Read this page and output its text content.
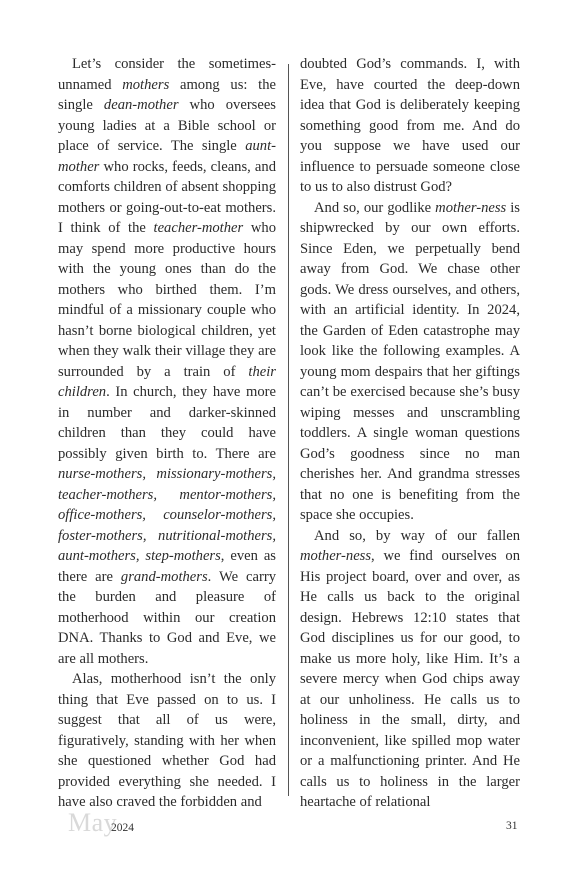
Let’s consider the sometimes-unnamed mothers among us: the single dean-mother who oversees young ladies at a Bible school or place of service. The single aunt-mother who rocks, feeds, cleans, and comforts children of absent shopping mothers or going-out-to-eat mothers. I think of the teacher-mother who may spend more productive hours with the young ones than do the mothers who birthed them. I’m mindful of a missionary couple who hasn’t borne biological children, yet when they walk their village they are surrounded by a train of their children. In church, they have more in number and darker-skinned children than they could have possibly given birth to. There are nurse-mothers, missionary-mothers, teacher-mothers, mentor-mothers, office-mothers, counselor-mothers, foster-mothers, nutritional-mothers, aunt-mothers, step-mothers, even as there are grand-mothers. We carry the burden and pleasure of motherhood within our creation DNA. Thanks to God and Eve, we are all mothers.

Alas, motherhood isn’t the only thing that Eve passed on to us. I suggest that all of us were, figuratively, standing with her when she questioned whether God had provided everything she needed. I have also craved the forbidden and

doubted God’s commands. I, with Eve, have courted the deep-down idea that God is deliberately keeping something good from me. And do you suppose we have used our influence to persuade someone close to us to also distrust God?

And so, our godlike mother-ness is shipwrecked by our own efforts. Since Eden, we perpetually bend away from God. We chase other gods. We dress ourselves, and others, with an artificial identity. In 2024, the Garden of Eden catastrophe may look like the following examples. A young mom despairs that her giftings can’t be exercised because she’s busy wiping messes and unscrambling toddlers. A single woman questions God’s goodness since no man cherishes her. And grandma stresses that no one is benefiting from the space she occupies.

And so, by way of our fallen mother-ness, we find ourselves on His project board, over and over, as He calls us back to the original design. Hebrews 12:10 states that God disciplines us for our good, to make us more holy, like Him. It’s a severe mercy when God chips away at our unholiness. He calls us to holiness in the small, dirty, and inconvenient, like spilled mop water or a malfunctioning printer. And He calls us to holiness in the larger heartache of relational

May
2024	31
